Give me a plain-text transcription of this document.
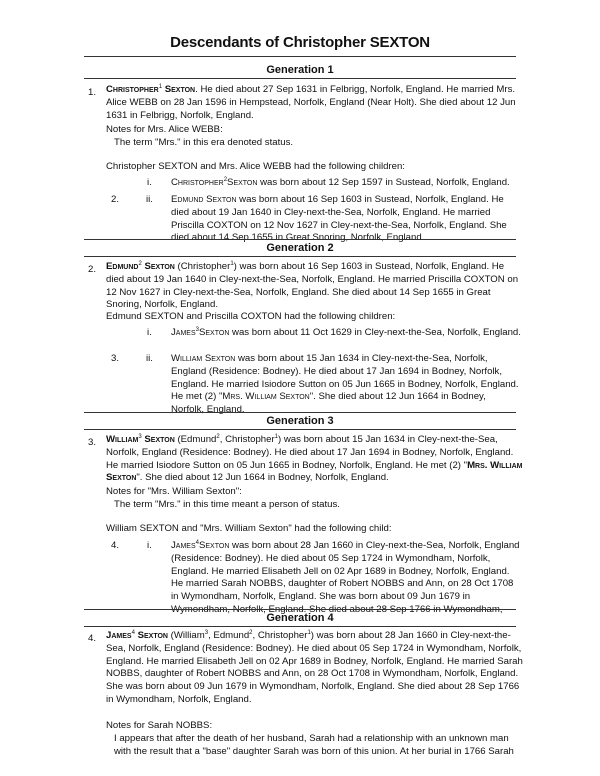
Descendants of Christopher SEXTON
Generation 1
1. Christopher$^1$ Sexton. He died about 27 Sep 1631 in Felbrigg, Norfolk, England. He married Mrs. Alice WEBB on 28 Jan 1596 in Hempstead, Norfolk, England (Near Holt). She died about 12 Jun 1631 in Felbrigg, Norfolk, England.
Notes for Mrs. Alice WEBB:
The term "Mrs." in this era denoted status.
Christopher SEXTON and Mrs. Alice WEBB had the following children:
i. Christopher$^2$Sexton was born about 12 Sep 1597 in Sustead, Norfolk, England.
2.	ii. Edmund Sexton was born about 16 Sep 1603 in Sustead, Norfolk, England. He died about 19 Jan 1640 in Cley-next-the-Sea, Norfolk, England. He married Priscilla COXTON on 12 Nov 1627 in Cley-next-the-Sea, Norfolk, England. She died about 14 Sep 1655 in Great Snoring, Norfolk, England.
Generation 2
2. Edmund$^2$ Sexton (Christopher$^1$) was born about 16 Sep 1603 in Sustead, Norfolk, England. He died about 19 Jan 1640 in Cley-next-the-Sea, Norfolk, England. He married Priscilla COXTON on 12 Nov 1627 in Cley-next-the-Sea, Norfolk, England. She died about 14 Sep 1655 in Great Snoring, Norfolk, England.
Edmund SEXTON and Priscilla COXTON had the following children:
i. James$^3$Sexton was born about 11 Oct 1629 in Cley-next-the-Sea, Norfolk, England.
3.	ii. William Sexton was born about 15 Jan 1634 in Cley-next-the-Sea, Norfolk, England (Residence: Bodney). He died about 17 Jan 1694 in Bodney, Norfolk, England. He married Isiodore Sutton on 05 Jun 1665 in Bodney, Norfolk, England. He met (2) "Mrs. William Sexton". She died about 12 Jun 1664 in Bodney, Norfolk, England.
Generation 3
3. William$^3$ Sexton (Edmund$^2$, Christopher$^1$) was born about 15 Jan 1634 in Cley-next-the-Sea, Norfolk, England (Residence: Bodney). He died about 17 Jan 1694 in Bodney, Norfolk, England. He married Isiodore Sutton on 05 Jun 1665 in Bodney, Norfolk, England. He met (2) "Mrs. William Sexton". She died about 12 Jun 1664 in Bodney, Norfolk, England.
Notes for "Mrs. William Sexton":
The term "Mrs." in this time meant a person of status.
William SEXTON and "Mrs. William Sexton" had the following child:
4.	i. James$^4$Sexton was born about 28 Jan 1660 in Cley-next-the-Sea, Norfolk, England (Residence: Bodney). He died about 05 Sep 1724 in Wymondham, Norfolk, England. He married Elisabeth Jell on 02 Apr 1689 in Bodney, Norfolk, England. He married Sarah NOBBS, daughter of Robert NOBBS and Ann, on 28 Oct 1708 in Wymondham, Norfolk, England. She was born about 09 Jun 1679 in Wymondham, Norfolk, England. She died about 28 Sep 1766 in Wymondham,
Generation 4
4. James$^4$ Sexton (William$^3$, Edmund$^2$, Christopher$^1$) was born about 28 Jan 1660 in Cley-next-the-Sea, Norfolk, England (Residence: Bodney). He died about 05 Sep 1724 in Wymondham, Norfolk, England. He married Elisabeth Jell on 02 Apr 1689 in Bodney, Norfolk, England. He married Sarah NOBBS, daughter of Robert NOBBS and Ann, on 28 Oct 1708 in Wymondham, Norfolk, England. She was born about 09 Jun 1679 in Wymondham, Norfolk, England. She died about 28 Sep 1766 in Wymondham, Norfolk, England.
Notes for Sarah NOBBS:
I appears that after the death of her husband, Sarah had a relationship with an unknown man with the result that a "base" daughter Sarah was born of this union. At her burial in 1766 Sarah
